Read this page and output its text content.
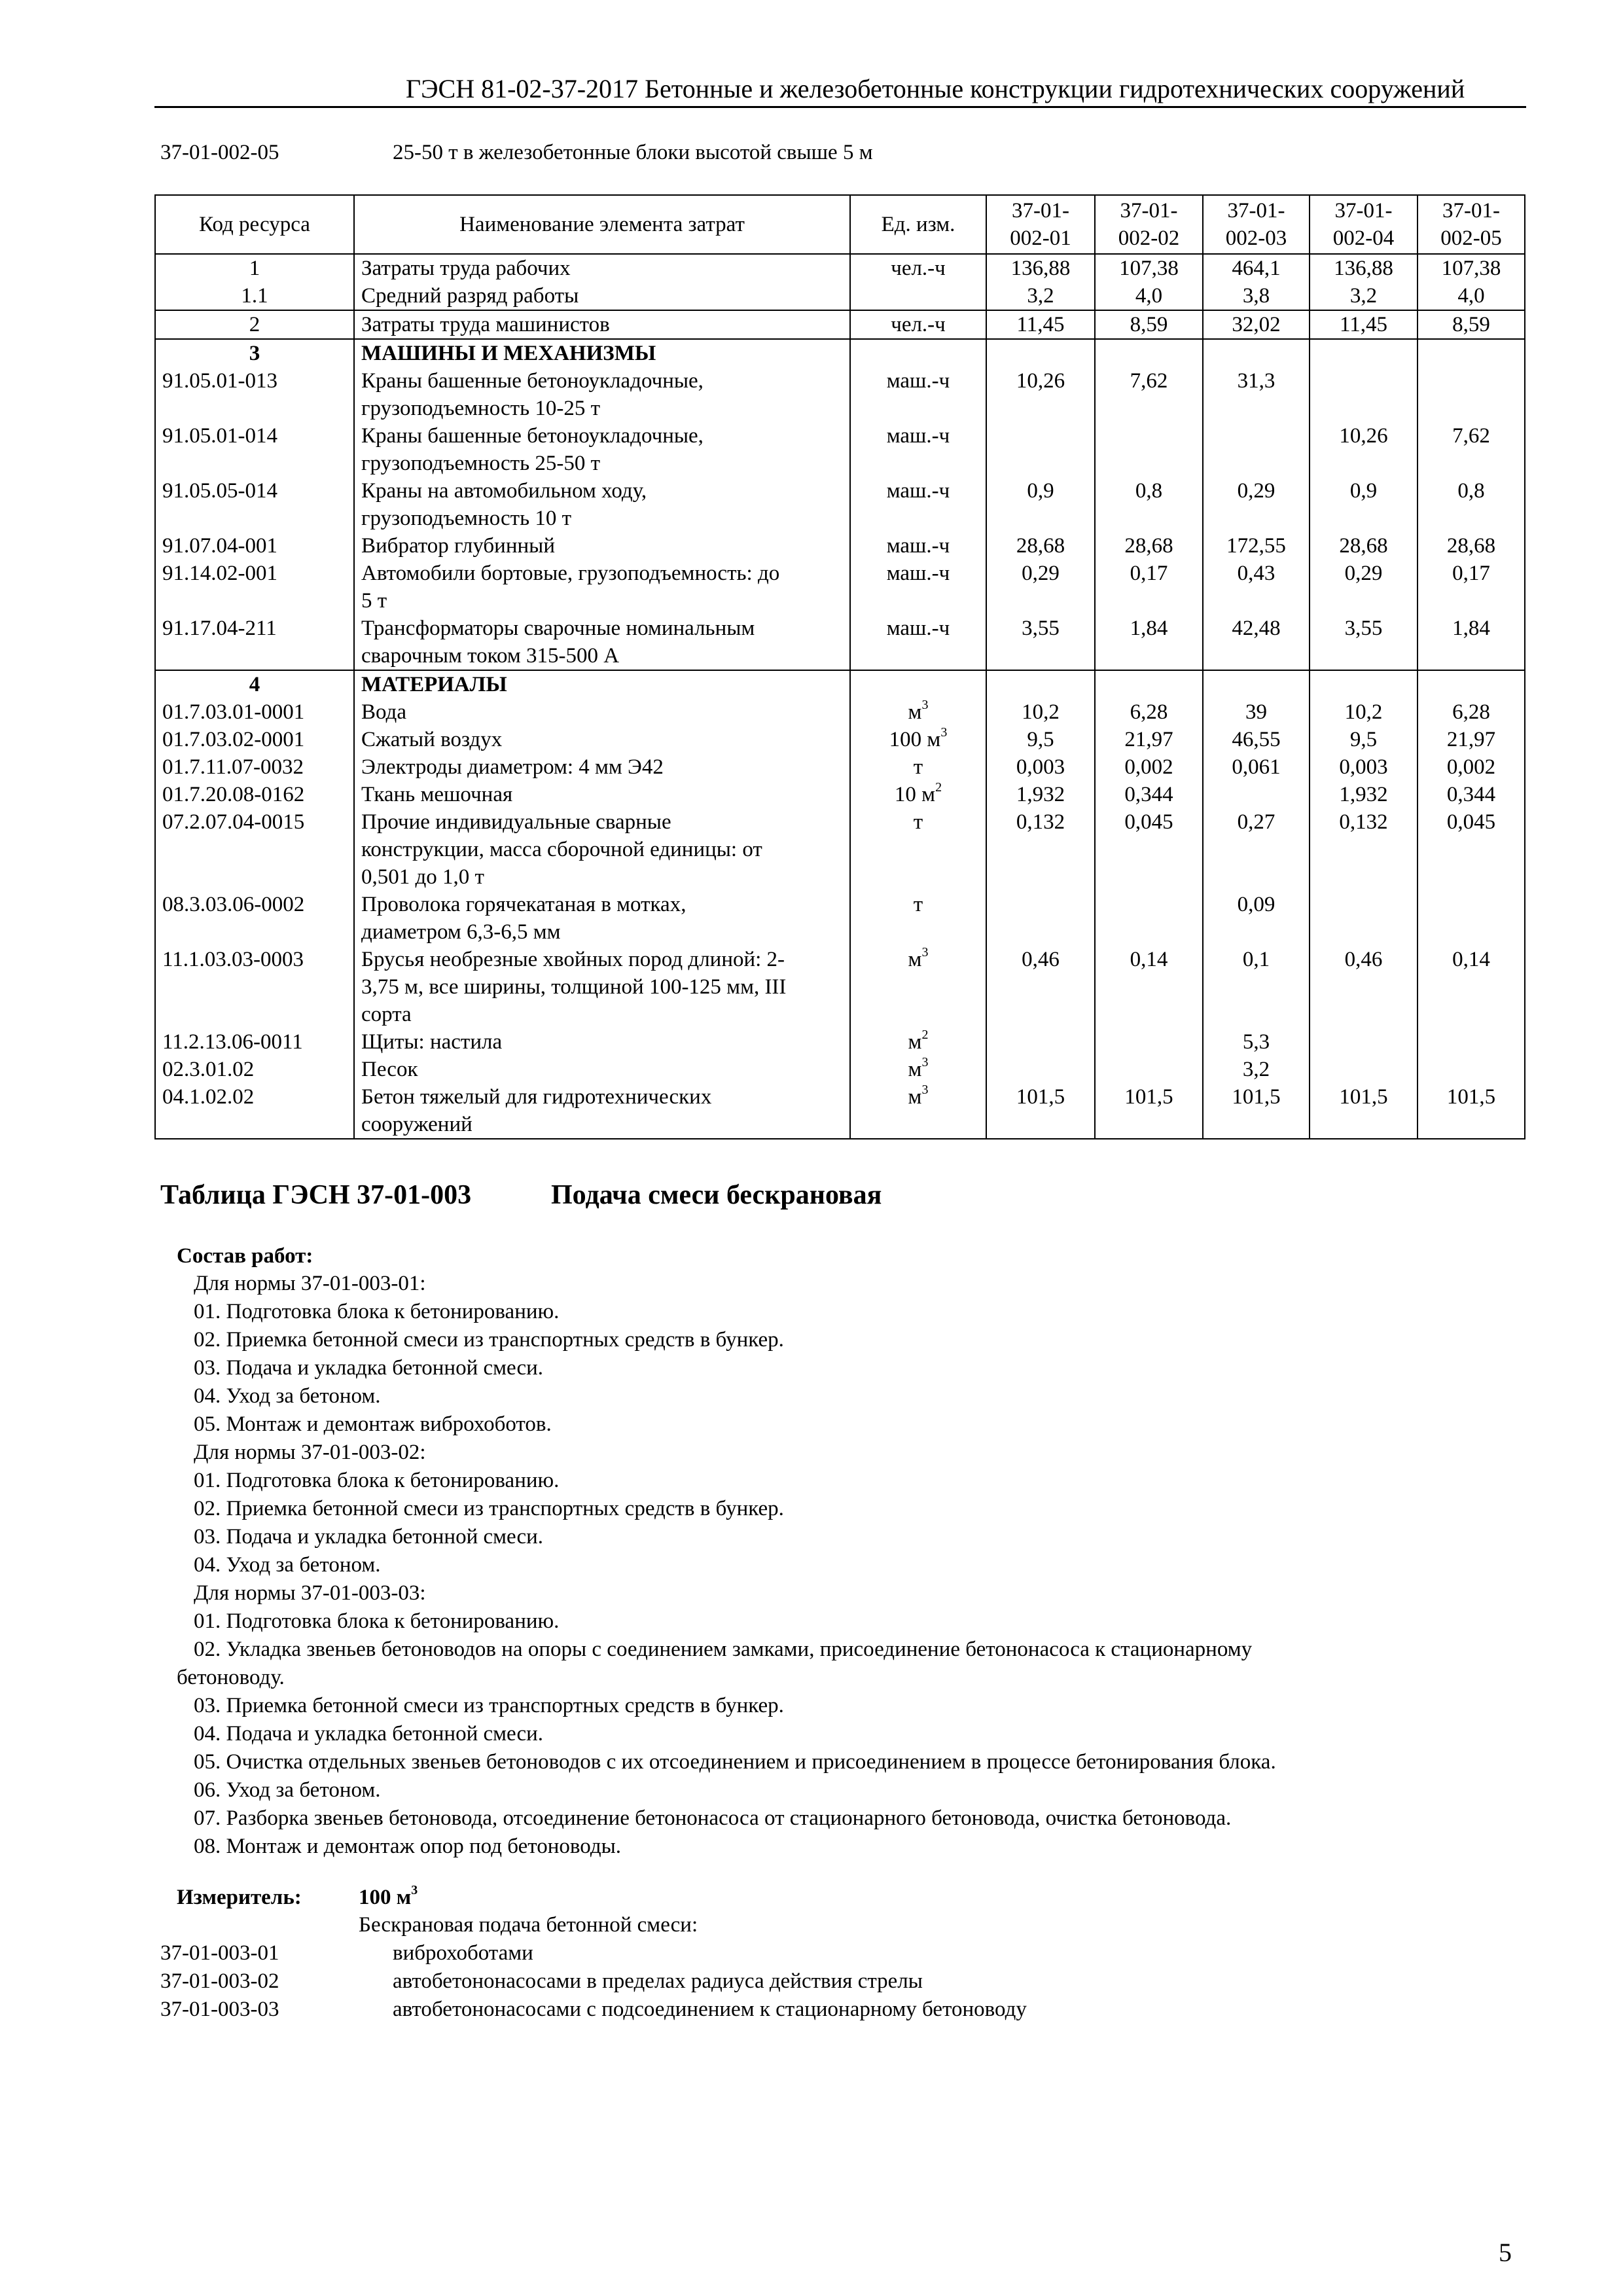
ГЭСН 81-02-37-2017 Бетонные и железобетонные конструкции гидротехнических сооружений
37-01-002-05	25-50 т в железобетонные блоки высотой свыше 5 м
Код ресурса	Наименование элемента затрат	Ед. изм.	37-01-
002-01	37-01-
002-02	37-01-
002-03	37-01-
002-04	37-01-
002-05
1	Затраты труда рабочих	чел.-ч	136,88	107,38	464,1	136,88	107,38
1.1	Средний разряд работы		3,2	4,0	3,8	3,2	4,0
2	Затраты труда машинистов	чел.-ч	11,45	8,59	32,02	11,45	8,59
3	МАШИНЫ И МЕХАНИЗМЫ						

91.05.01-013	Краны башенные бетоноукладочные,
грузоподъемность 10-25 т	маш.-ч	10,26	7,62	31,3		
91.05.01-014	Краны башенные бетоноукладочные,
грузоподъемность 25-50 т	маш.-ч				10,26	7,62
91.05.05-014	Краны на автомобильном ходу,
грузоподъемность 10 т	маш.-ч	0,9	0,8	0,29	0,9	0,8
91.07.04-001	Вибратор глубинный	маш.-ч	28,68	28,68	172,55	28,68	28,68
91.14.02-001	Автомобили бортовые, грузоподъемность: до
5 т	маш.-ч	0,29	0,17	0,43	0,29	0,17
91.17.04-211	Трансформаторы сварочные номинальным
сварочным током 315-500 А	маш.-ч	3,55	1,84	42,48	3,55	1,84
4	МАТЕРИАЛЫ						

01.7.03.01-0001	Вода	$м^3$	10,2	6,28	39	10,2	6,28
01.7.03.02-0001	Сжатый воздух	100 $м^3$	9,5	21,97	46,55	9,5	21,97
01.7.11.07-0032	Электроды диаметром: 4 мм Э42	т	0,003	0,002	0,061	0,003	0,002
01.7.20.08-0162	Ткань мешочная	10 $м^2$	1,932	0,344		1,932	0,344
07.2.07.04-0015	Прочие индивидуальные сварные
конструкции, масса сборочной единицы: от
0,501 до 1,0 т	т	0,132	0,045	0,27	0,132	0,045
08.3.03.06-0002	Проволока горячекатаная в мотках,
диаметром 6,3-6,5 мм	т			0,09		
11.1.03.03-0003	Брусья необрезные хвойных пород длиной: 2-
3,75 м, все ширины, толщиной 100-125 мм, III
сорта	$м^3$	0,46	0,14	0,1	0,46	0,14
11.2.13.06-0011	Щиты: настила	$м^2$			5,3		
02.3.01.02	Песок	$м^3$			3,2		
04.1.02.02	Бетон тяжелый для гидротехнических
сооружений	$м^3$	101,5	101,5	101,5	101,5	101,5
Таблица ГЭСН 37-01-003	Подача смеси бескрановая
Состав работ:
Для нормы 37-01-003-01:
01. Подготовка блока к бетонированию.
02. Приемка бетонной смеси из транспортных средств в бункер.
03. Подача и укладка бетонной смеси.
04. Уход за бетоном.
05. Монтаж и демонтаж виброхоботов.
Для нормы 37-01-003-02:
01. Подготовка блока к бетонированию.
02. Приемка бетонной смеси из транспортных средств в бункер.
03. Подача и укладка бетонной смеси.
04. Уход за бетоном.
Для нормы 37-01-003-03:
01. Подготовка блока к бетонированию.
02. Укладка звеньев бетоноводов на опоры с соединением замками, присоединение бетононасоса к стационарному
бетоноводу.
03. Приемка бетонной смеси из транспортных средств в бункер.
04. Подача и укладка бетонной смеси.
05. Очистка отдельных звеньев бетоноводов с их отсоединением и присоединением в процессе бетонирования блока.
06. Уход за бетоном.
07. Разборка звеньев бетоновода, отсоединение бетононасоса от стационарного бетоновода, очистка бетоновода.
08. Монтаж и демонтаж опор под бетоноводы.
Измеритель:	100 $м^3$
Бескрановая подача бетонной смеси:
37-01-003-01	виброхоботами
37-01-003-02	автобетононасосами в пределах радиуса действия стрелы
37-01-003-03	автобетононасосами с подсоединением к стационарному бетоноводу
5
